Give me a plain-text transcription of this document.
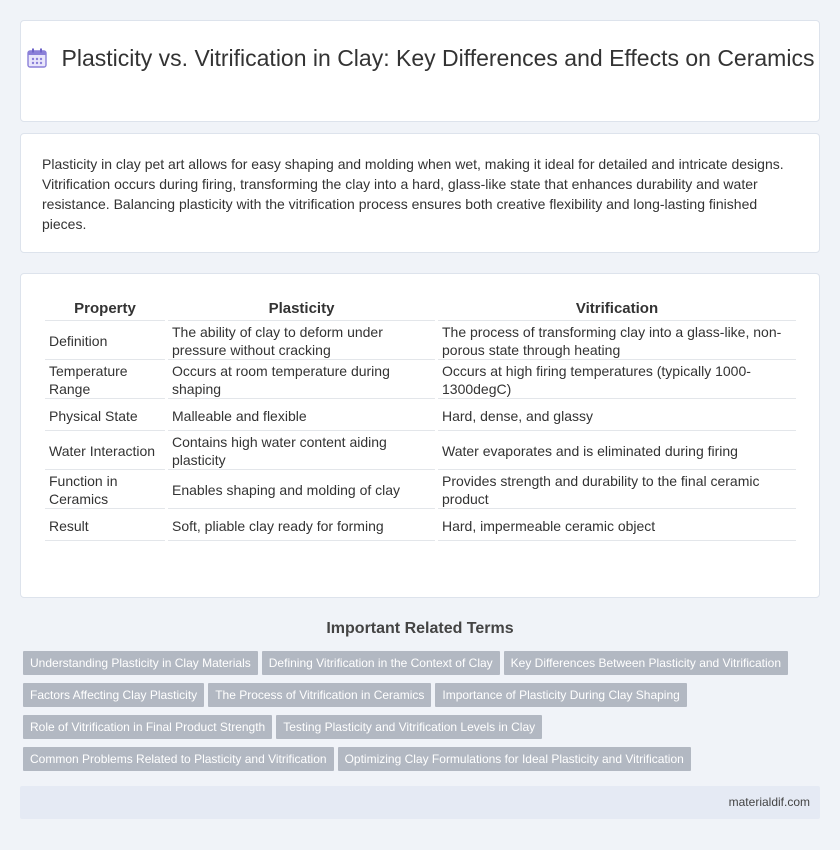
Plasticity vs. Vitrification in Clay: Key Differences and Effects on Ceramics

Plasticity in clay pet art allows for easy shaping and molding when wet, making it ideal for detailed and intricate designs. Vitrification occurs during firing, transforming the clay into a hard, glass-like state that enhances durability and water resistance. Balancing plasticity with the vitrification process ensures both creative flexibility and long-lasting finished pieces.

Property	Plasticity	Vitrification
Definition	The ability of clay to deform under pressure without cracking	The process of transforming clay into a glass-like, non-porous state through heating
Temperature Range	Occurs at room temperature during shaping	Occurs at high firing temperatures (typically 1000-1300degC)
Physical State	Malleable and flexible	Hard, dense, and glassy
Water Interaction	Contains high water content aiding plasticity	Water evaporates and is eliminated during firing
Function in Ceramics	Enables shaping and molding of clay	Provides strength and durability to the final ceramic product
Result	Soft, pliable clay ready for forming	Hard, impermeable ceramic object
Important Related Terms
Understanding Plasticity in Clay Materials Defining Vitrification in the Context of Clay Key Differences Between Plasticity and Vitrification
Factors Affecting Clay Plasticity The Process of Vitrification in Ceramics Importance of Plasticity During Clay Shaping
Role of Vitrification in Final Product Strength Testing Plasticity and Vitrification Levels in Clay
Common Problems Related to Plasticity and Vitrification Optimizing Clay Formulations for Ideal Plasticity and Vitrification
materialdif.com
